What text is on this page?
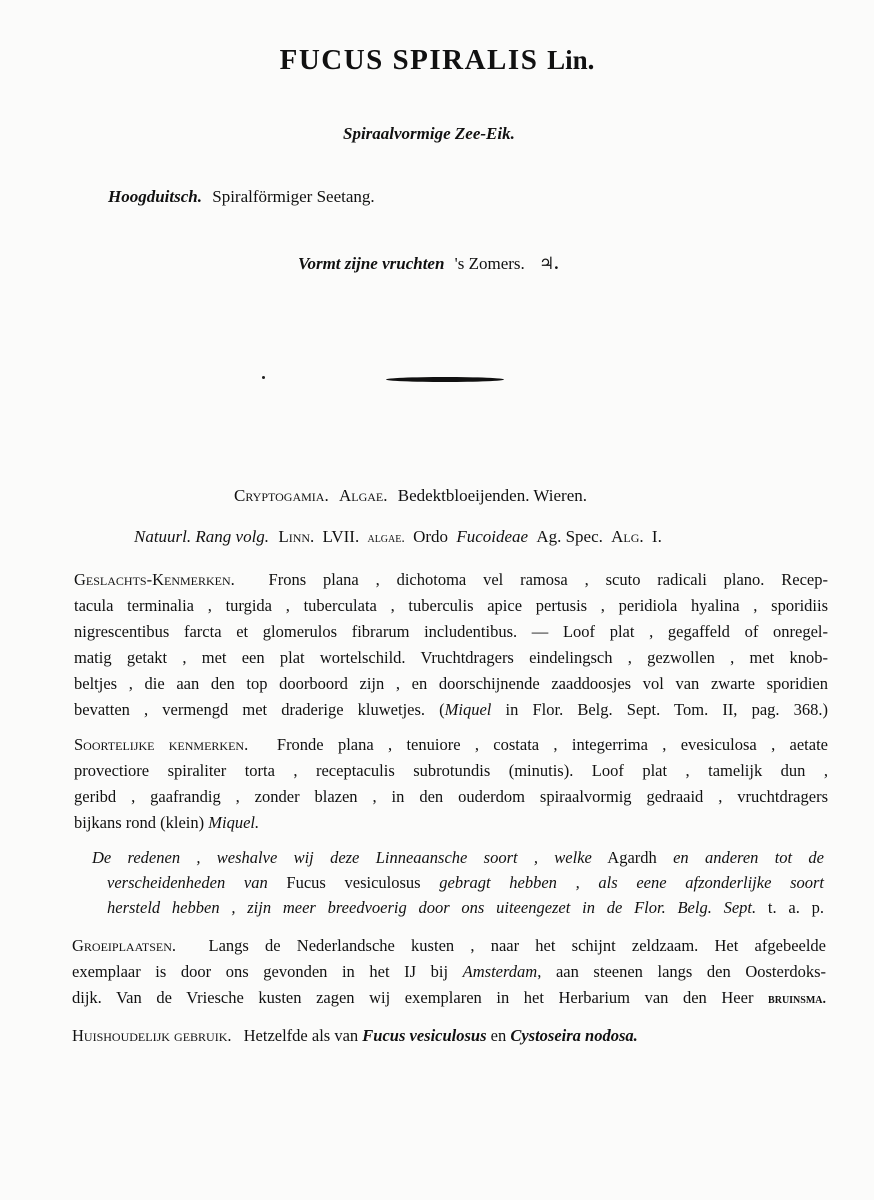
FUCUS SPIRALIS Lin.
Spiraalvormige Zee-Eik.
Hoogduitsch. Spiralförmiger Seetang.
Vormt zijne vruchten 's Zomers. ♃.
Cryptogamia. Algae. Bedektbloeijenden. Wieren.
Natuurl. Rang volg. Linn. LVII. algae. Ordo Fucoideae Ag. Spec. Alg. I.
Geslachts-Kenmerken. Frons plana , dichotoma vel ramosa , scuto radicali plano. Recep-
tacula terminalia , turgida , tuberculata , tuberculis apice pertusis , peridiola hyalina , sporidiis
nigrescentibus farcta et glomerulos fibrarum includentibus. — Loof plat , gegaffeld of onregel-
matig getakt , met een plat wortelschild. Vruchtdragers eindelingsch , gezwollen , met knob-
beltjes , die aan den top doorboord zijn , en doorschijnende zaaddoosjes vol van zwarte sporidien
bevatten , vermengd met draderige kluwetjes. (Miquel in Flor. Belg. Sept. Tom. II, pag. 368.)
Soortelijke kenmerken. Fronde plana , tenuiore , costata , integerrima , evesiculosa , aetate
provectiore spiraliter torta , receptaculis subrotundis (minutis). Loof plat , tamelijk dun ,
geribd , gaafrandig , zonder blazen , in den ouderdom spiraalvormig gedraaid , vruchtdragers
bijkans rond (klein) Miquel.
De redenen , weshalve wij deze Linneaansche soort , welke Agardh en anderen tot de
verscheidenheden van Fucus vesiculosus gebragt hebben , als eene afzonderlijke soort
hersteld hebben , zijn meer breedvoerig door ons uiteengezet in de Flor. Belg. Sept. t. a. p.
Groeiplaatsen. Langs de Nederlandsche kusten , naar het schijnt zeldzaam. Het afgebeelde
exemplaar is door ons gevonden in het IJ bij Amsterdam, aan steenen langs den Oosterdoks-
dijk. Van de Vriesche kusten zagen wij exemplaren in het Herbarium van den Heer bruinsma.
Huishoudelijk gebruik. Hetzelfde als van Fucus vesiculosus en Cystoseira nodosa.
